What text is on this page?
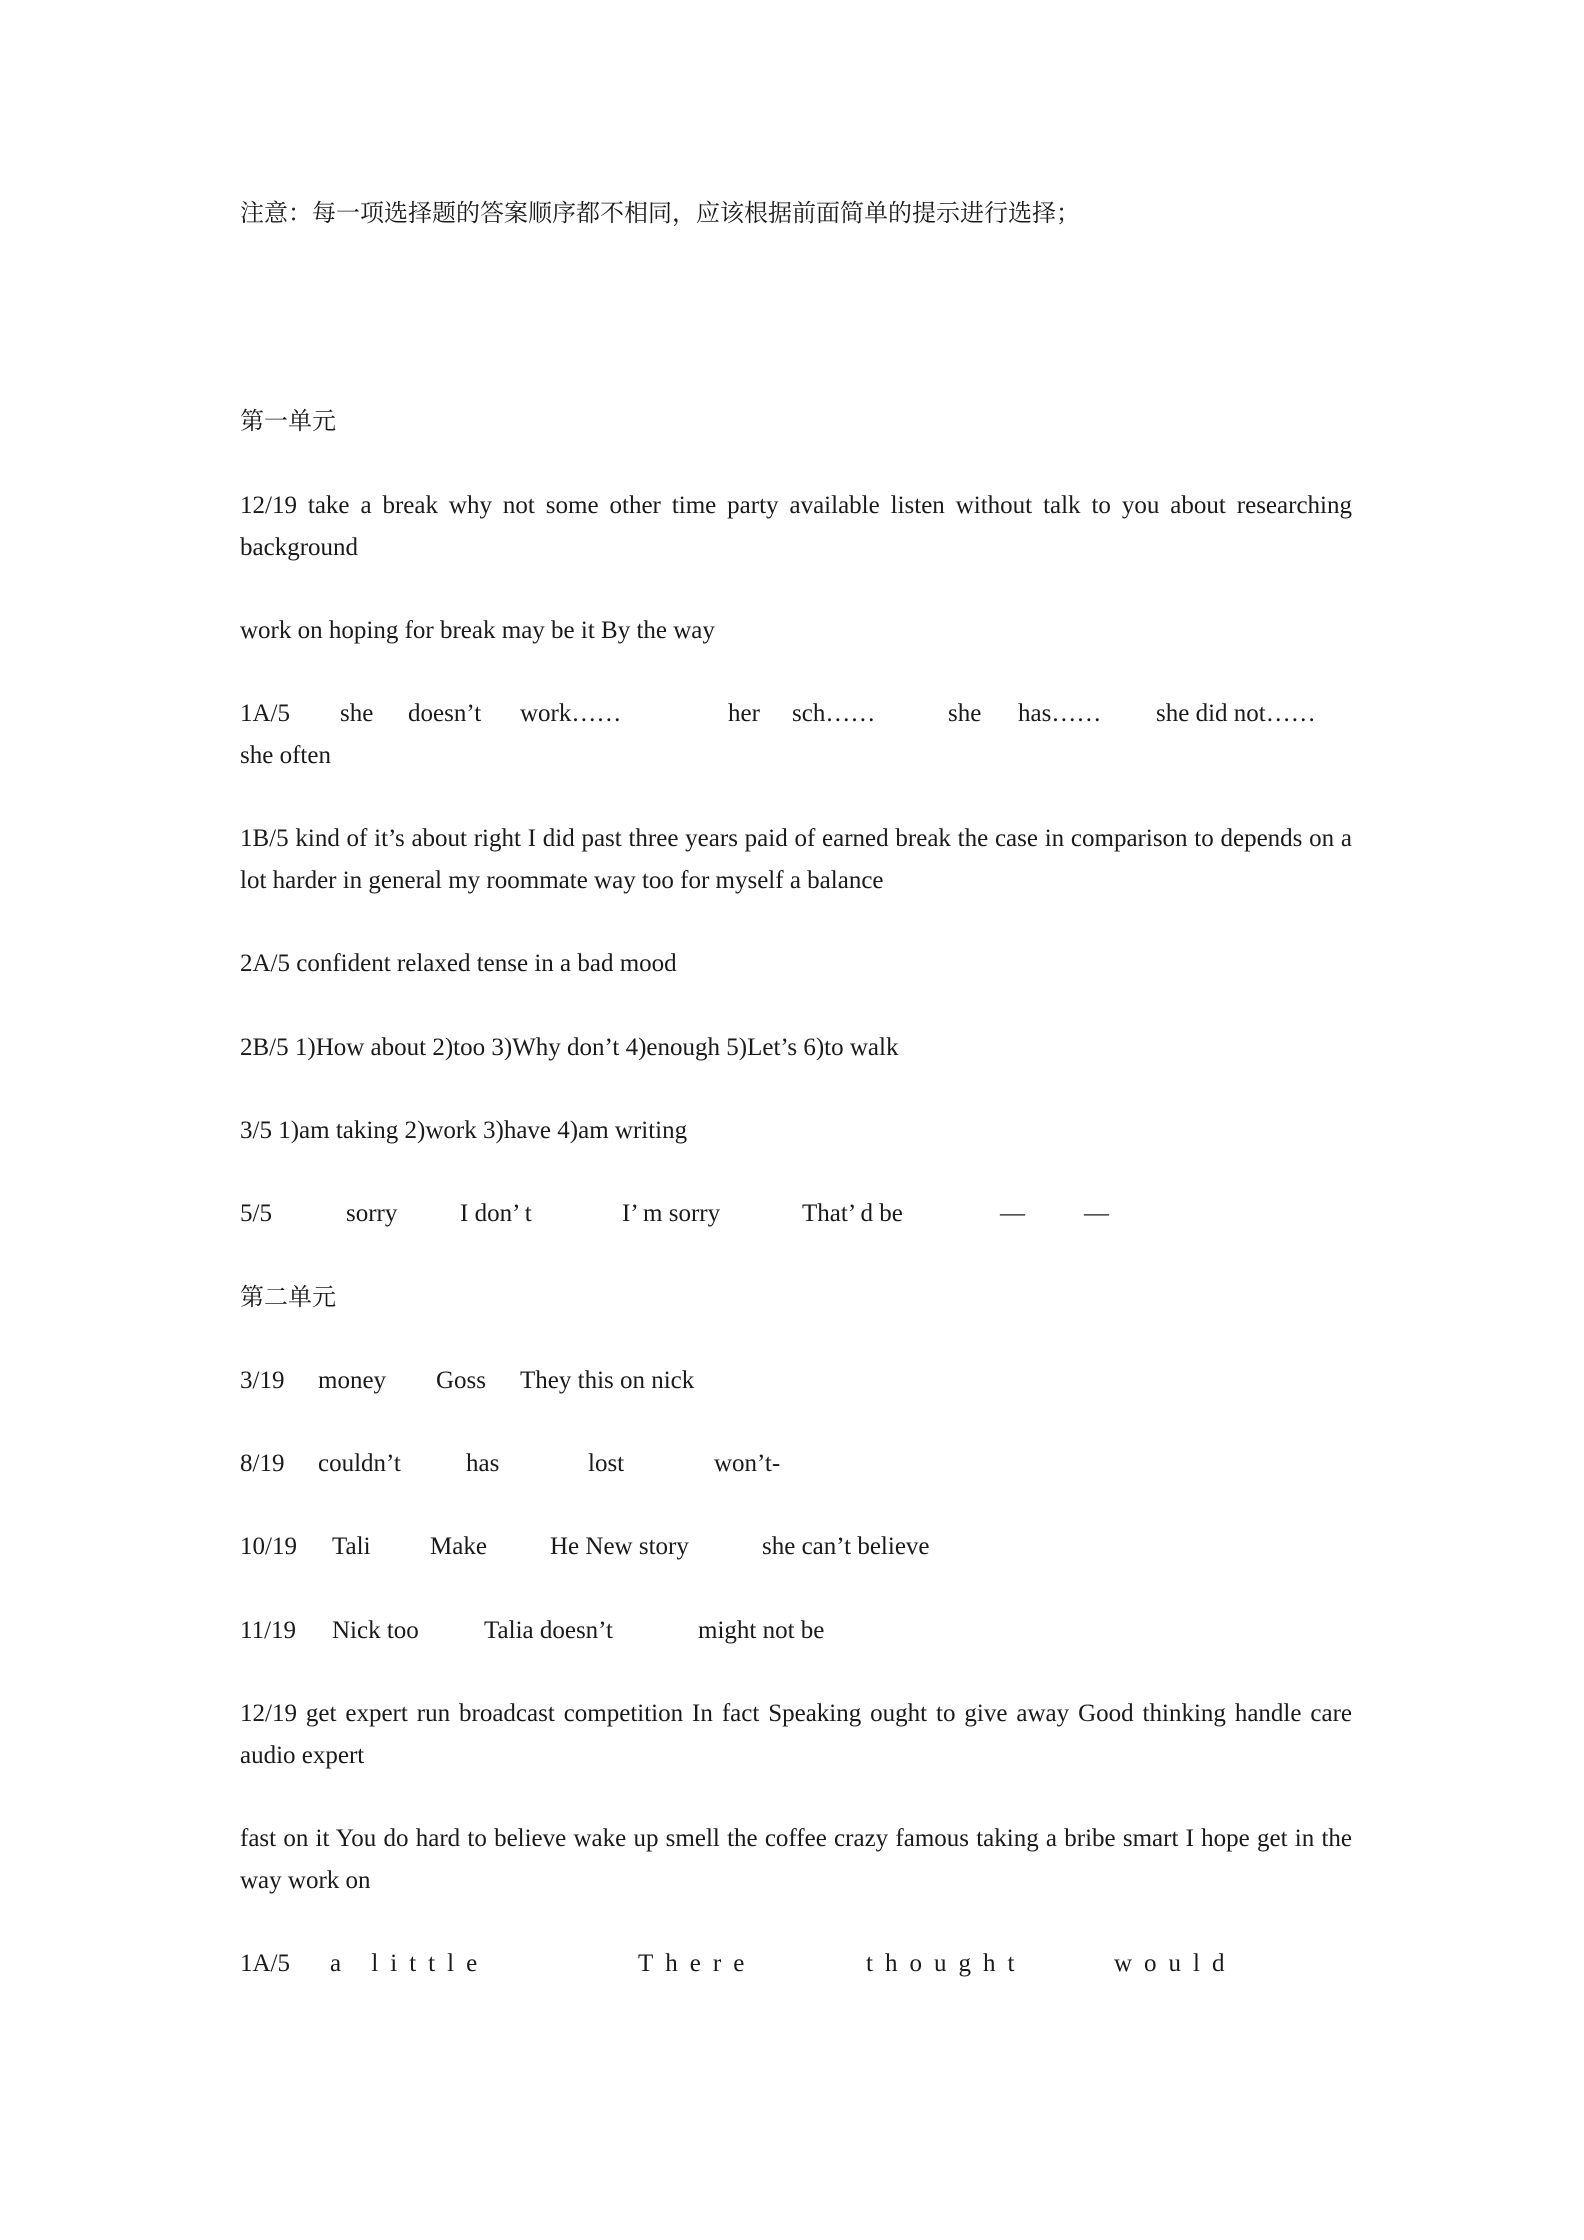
注意：每一项选择题的答案顺序都不相同，应该根据前面简单的提示进行选择；
第一单元
12/19 take a break why not some other time party available listen without talk to you about researching background
work on hoping for break may be it By the way
1A/5 she doesn’t work……	her sch……	she has…… she did not……
she often
1B/5 kind of it’s about right I did past three years paid of earned break the case in comparison to depends on a lot harder in general my roommate way too for myself a balance
2A/5 confident relaxed tense in a bad mood
2B/5 1)How about 2)too 3)Why don’t 4)enough 5)Let’s 6)to walk
3/5 1)am taking 2)work 3)have 4)am writing
5/5	sorry	I don’ t	I’ m sorry	That’ d be	— —
第二单元
3/19 money Goss They this on nick
8/19 couldn’t	has	lost	won’t-
10/19 Tali Make	He New story	she can’t believe
11/19 Nick too	Talia doesn’t	might not be
12/19 get expert run broadcast competition In fact Speaking ought to give away Good thinking handle care audio expert
fast on it You do hard to believe wake up smell the coffee crazy famous taking a bribe smart I hope get in the way work on
1A/5 a little	There	thought	would
